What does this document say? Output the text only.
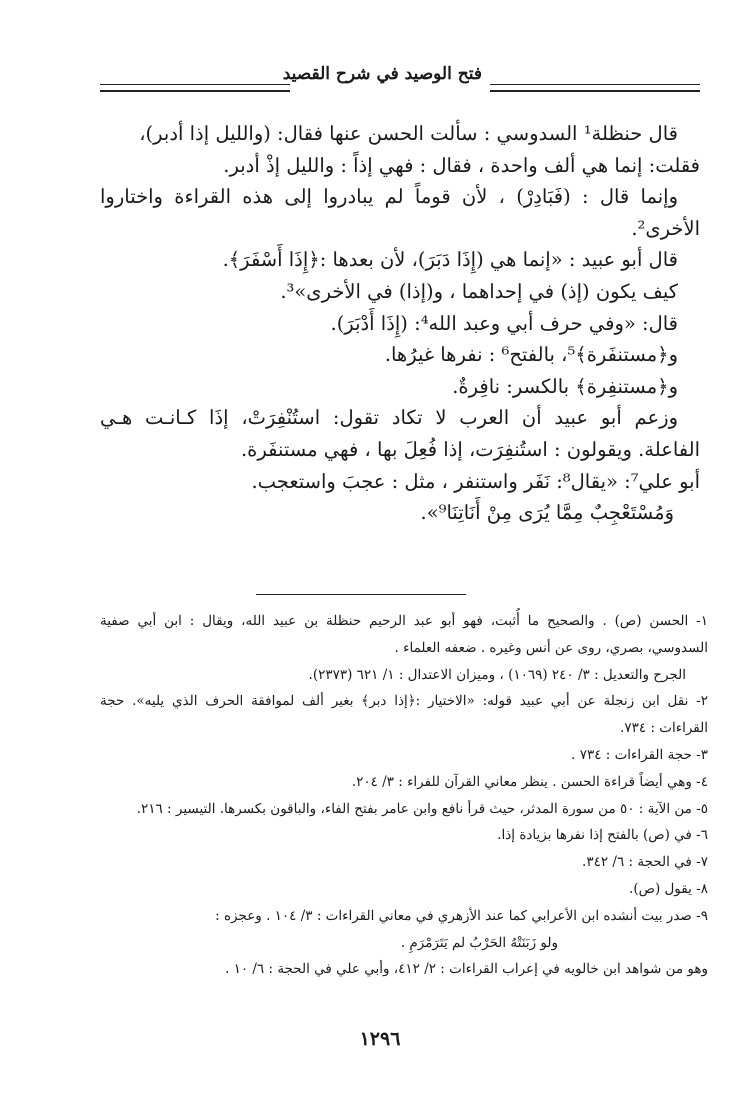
فتح الوصيد في شرح القصيد
قال حنظلة¹ السدوسي : سألت الحسن عنها فقال: (والليل إذا أدبر)،
فقلت: إنما هي ألف واحدة ، فقال : فهي إذاً : والليل إذْ أدبر.
وإنما قال : (فَبَادِرْ) ، لأن قوماً لم يبادروا إلى هذه القراءة واختاروا
الأخرى².
قال أبو عبيد : «إنما هي (إِذَا دَبَرَ)، لأن بعدها :﴿إِذَا أَسْفَرَ﴾.
كيف يكون (إذ) في إحداهما ، و(إذا) في الأخرى»³.
قال: «وفي حرف أبي وعبد الله⁴: (إِذَا أَدْبَرَ).
و﴿مستنفَرة﴾⁵، بالفتح⁶ : نفرها غيرُها.
و﴿مستنفِرة﴾ بالكسر: نافِرةٌ.
وزعم أبو عبيد أن العرب لا تكاد تقول: استُنْفِرَتْ، إذَا كـانـت هـي
الفاعلة. ويقولون : استُنفِرَت، إذا فُعِلَ بها ، فهي مستنفَرة.
أبو علي⁷: «يقال⁸: نَفَر واستنفر ، مثل : عجبَ واستعجب.
وَمُسْتَعْجِبٌ مِمَّا يُرَى مِنْ أَنَاتِنَا⁹».
١- الحسن (ص) . والصحيح ما أُثبت، فهو أبو عبد الرحيم حنظلة بن عبيد الله، ويقال : ابن أبي صفية
السدوسي، بصري، روى عن أنس وغيره . ضعفه العلماء .
الجرح والتعديل : ٣/ ٢٤٠ (١٠٦٩) ، وميزان الاعتدال : ١/ ٦٢١ (٢٣٧٣).
٢- نقل ابن زنجلة عن أبي عبيد قوله: «الاختيار :﴿إذا دبر﴾ بغير ألف لموافقة الحرف الذي يليه». حجة
القراءات : ٧٣٤.
٣- حجة القراءات : ٧٣٤ .
٤- وهي أيضاً قراءة الحسن . ينظر معاني القرآن للفراء : ٣/ ٢٠٤.
٥- من الآية : ٥٠ من سورة المدثر، حيث قرأ نافع وابن عامر بفتح الفاء، والباقون بكسرها. التيسير : ٢١٦.
٦- في (ص) بالفتح إذا نفرها بزيادة إذا.
٧- في الحجة : ٦/ ٣٤٢.
٨- يقول (ص).
٩- صدر بيت أنشده ابن الأعرابي كما عند الأزهري في معاني القراءات : ٣/ ١٠٤ . وعجزه :
ولو زَبَنَتْهُ الحَرْبُ لم يَتَرَمْرَمِ .
وهو من شواهد ابن خالويه في إعراب القراءات : ٢/ ٤١٢، وأبي علي في الحجة : ٦/ ١٠ .
١٢٩٦
